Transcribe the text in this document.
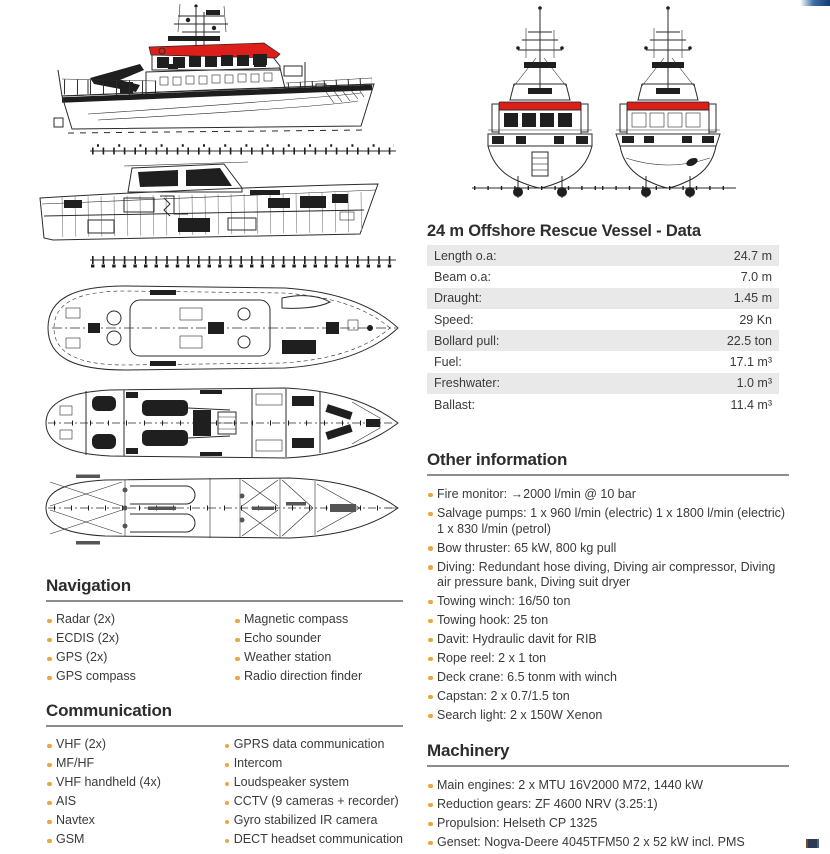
24 m Offshore Rescue Vessel - Data
Length o.a:	24.7 m
Beam o.a:	7.0 m
Draught:	1.45 m
Speed:	29 Kn
Bollard pull:	22.5 ton
Fuel:	17.1 m³
Freshwater:	1.0 m³
Ballast:	11.4 m³
Other information
Fire monitor: →2000 l/min @ 10 bar
Salvage pumps: 1 x 960 l/min (electric) 1 x 1800 l/min (electric) 1 x 830 l/min (petrol)
Bow thruster: 65 kW, 800 kg pull
Diving: Redundant hose diving, Diving air compressor, Diving air pressure bank, Diving suit dryer
Towing winch: 16/50 ton
Towing hook: 25 ton
Davit: Hydraulic davit for RIB
Rope reel: 2 x 1 ton
Deck crane: 6.5 tonm with winch
Capstan: 2 x 0.7/1.5 ton
Search light: 2 x 150W Xenon
Machinery
Main engines: 2 x MTU 16V2000 M72, 1440 kW
Reduction gears: ZF 4600 NRV (3.25:1)
Propulsion: Helseth CP 1325
Genset: Nogva-Deere 4045TFM50 2 x 52 kW incl. PMS
Navigation
Radar (2x)
ECDIS (2x)
GPS (2x)
GPS compass
Magnetic compass
Echo sounder
Weather station
Radio direction finder
Communication
VHF (2x)
MF/HF
VHF handheld (4x)
AIS
Navtex
GSM
GPRS data communication
Intercom
Loudspeaker system
CCTV (9 cameras + recorder)
Gyro stabilized IR camera
DECT headset communication
